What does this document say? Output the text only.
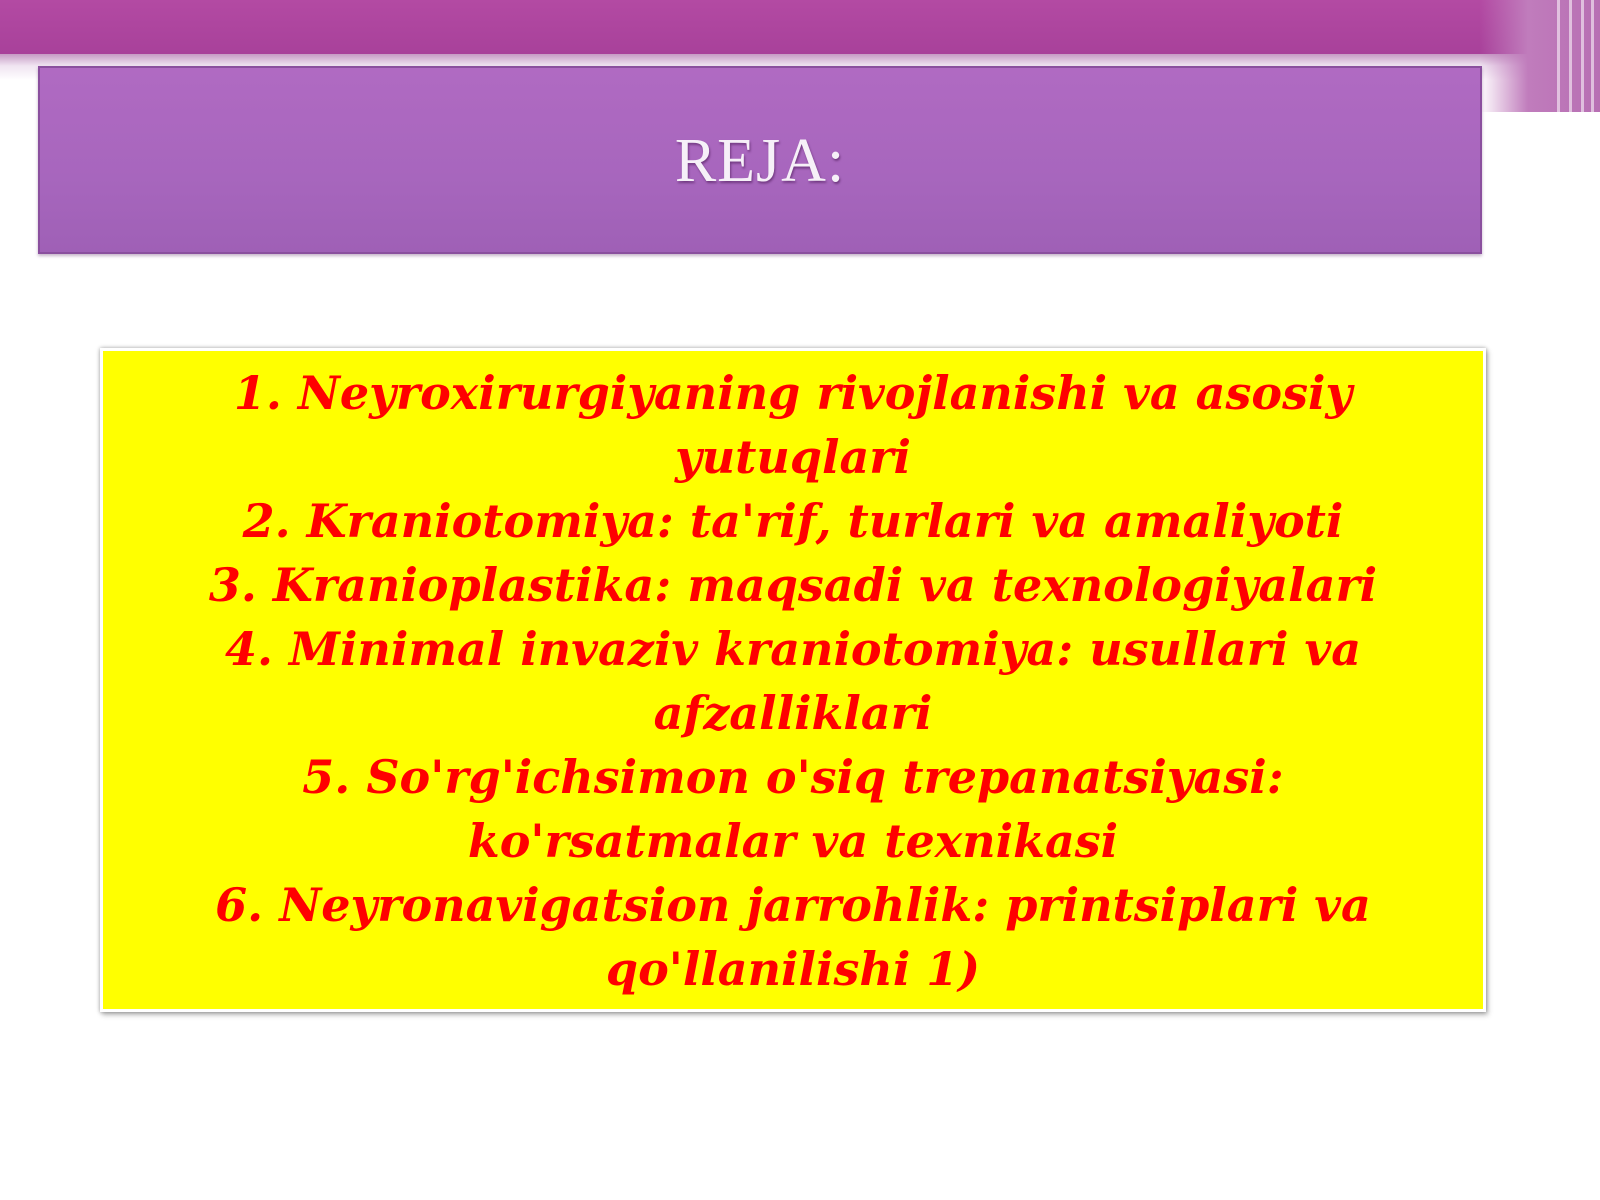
REJA:
1. Neyroxirurgiyaning rivojlanishi va asosiy yutuqlari
2. Kraniotomiya: ta'rif, turlari va amaliyoti
3. Kranioplastika: maqsadi va texnologiyalari
4. Minimal invaziv kraniotomiya: usullari va afzalliklari
5. So'rg'ichsimon o'siq trepanatsiyasi: ko'rsatmalar va texnikasi
6. Neyronavigatsion jarrohlik: printsiplari va qo'llanilishi 1)
